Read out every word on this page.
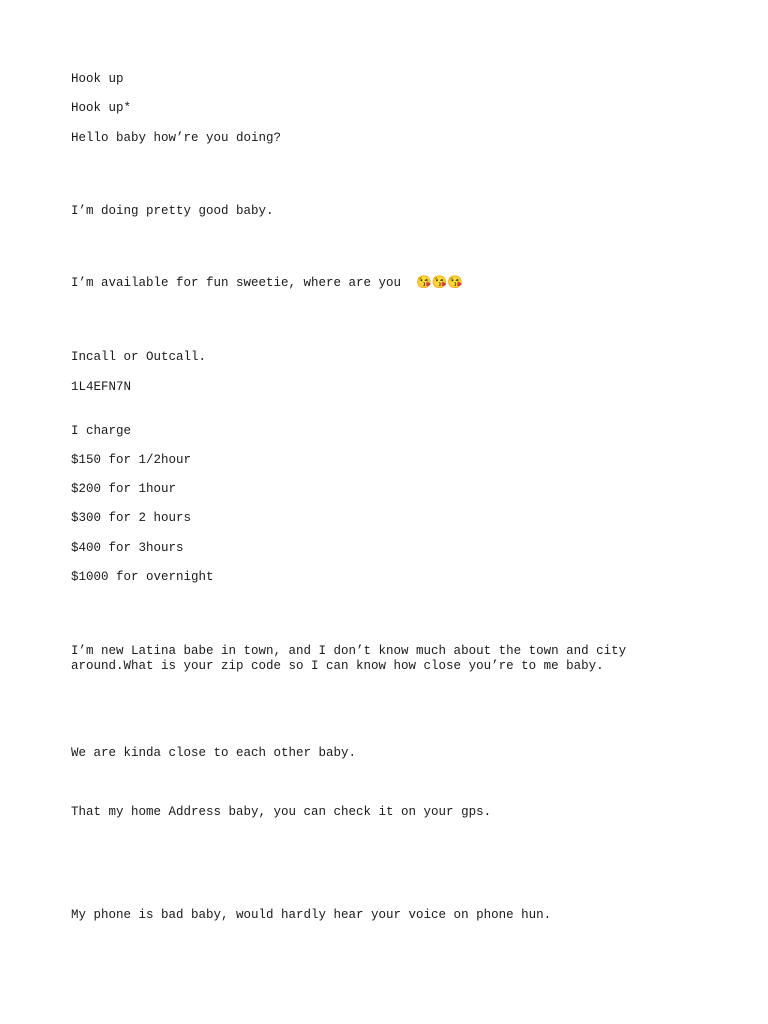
Hook up

Hook up*

Hello baby how’re you doing?

I’m doing pretty good baby.

I’m available for fun sweetie, where are you  😘😘😘

Incall or Outcall.

1L4EFN7N

I charge

$150 for 1/2hour

$200 for 1hour

$300 for 2 hours

$400 for 3hours

$1000 for overnight

I’m new Latina babe in town, and I don’t know much about the town and city around.What is your zip code so I can know how close you’re to me baby.

We are kinda close to each other baby.

That my home Address baby, you can check it on your gps.

My phone is bad baby, would hardly hear your voice on phone hun.
